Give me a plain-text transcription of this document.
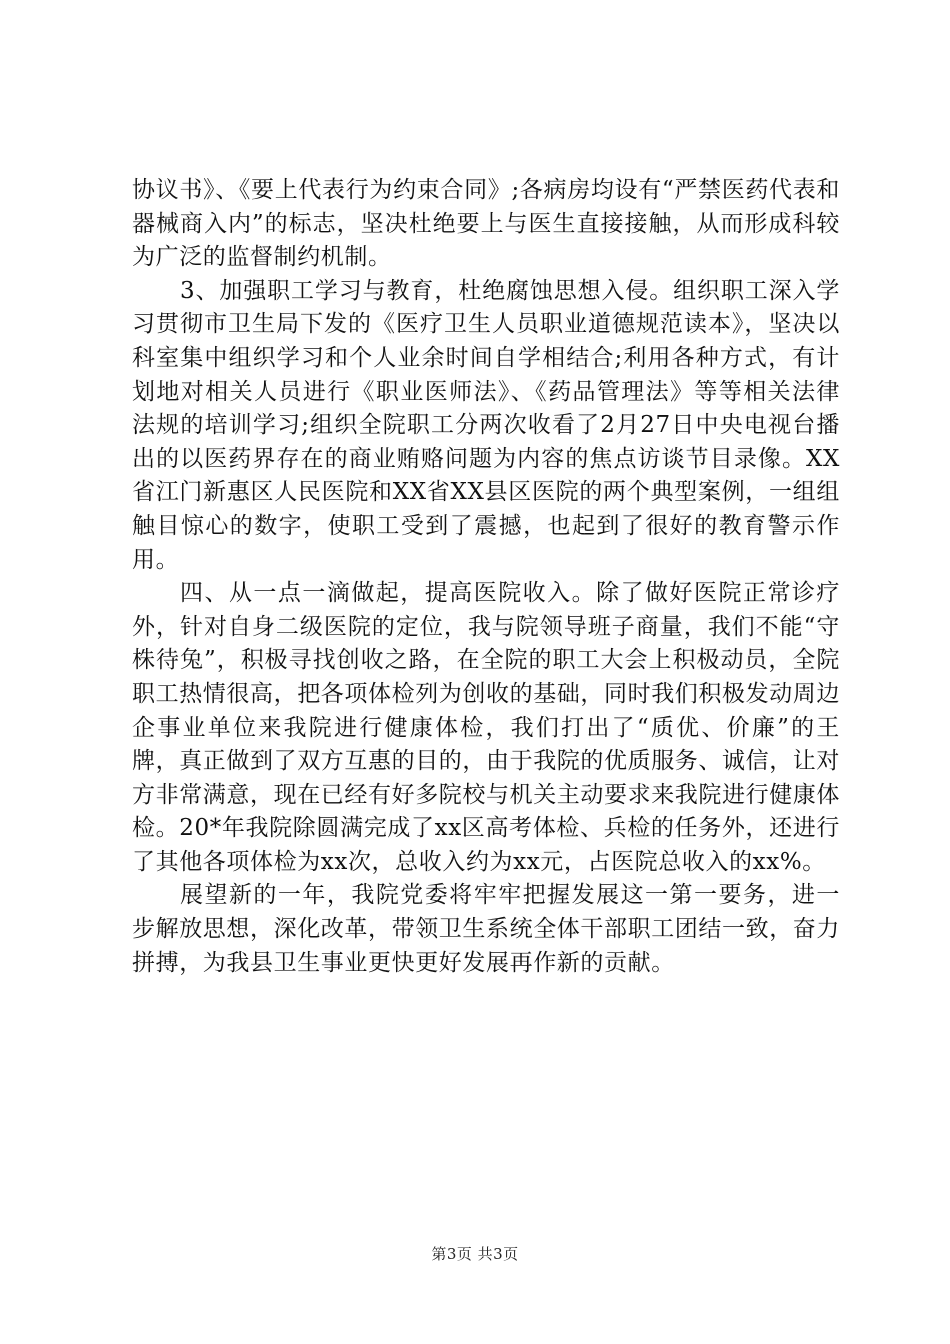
协议书》、《要上代表行为约束合同》;各病房均设有“严禁医药代表和器械商入内”的标志，坚决杜绝要上与医生直接接触，从而形成科较为广泛的监督制约机制。

3、加强职工学习与教育，杜绝腐蚀思想入侵。组织职工深入学习贯彻市卫生局下发的《医疗卫生人员职业道德规范读本》，坚决以科室集中组织学习和个人业余时间自学相结合;利用各种方式，有计划地对相关人员进行《职业医师法》、《药品管理法》等等相关法律法规的培训学习;组织全院职工分两次收看了2月27日中央电视台播出的以医药界存在的商业贿赂问题为内容的焦点访谈节目录像。XX省江门新惠区人民医院和XX省XX县区医院的两个典型案例，一组组触目惊心的数字，使职工受到了震撼，也起到了很好的教育警示作用。

四、从一点一滴做起，提高医院收入。除了做好医院正常诊疗外，针对自身二级医院的定位，我与院领导班子商量，我们不能“守株待兔”，积极寻找创收之路，在全院的职工大会上积极动员，全院职工热情很高，把各项体检列为创收的基础，同时我们积极发动周边企事业单位来我院进行健康体检，我们打出了“质优、价廉”的王牌，真正做到了双方互惠的目的，由于我院的优质服务、诚信，让对方非常满意，现在已经有好多院校与机关主动要求来我院进行健康体检。20*年我院除圆满完成了xx区高考体检、兵检的任务外，还进行了其他各项体检为xx次，总收入约为xx元，占医院总收入的xx%。

展望新的一年，我院党委将牢牢把握发展这一第一要务，进一步解放思想，深化改革，带领卫生系统全体干部职工团结一致，奋力拼搏，为我县卫生事业更快更好发展再作新的贡献。

第3页 共3页
